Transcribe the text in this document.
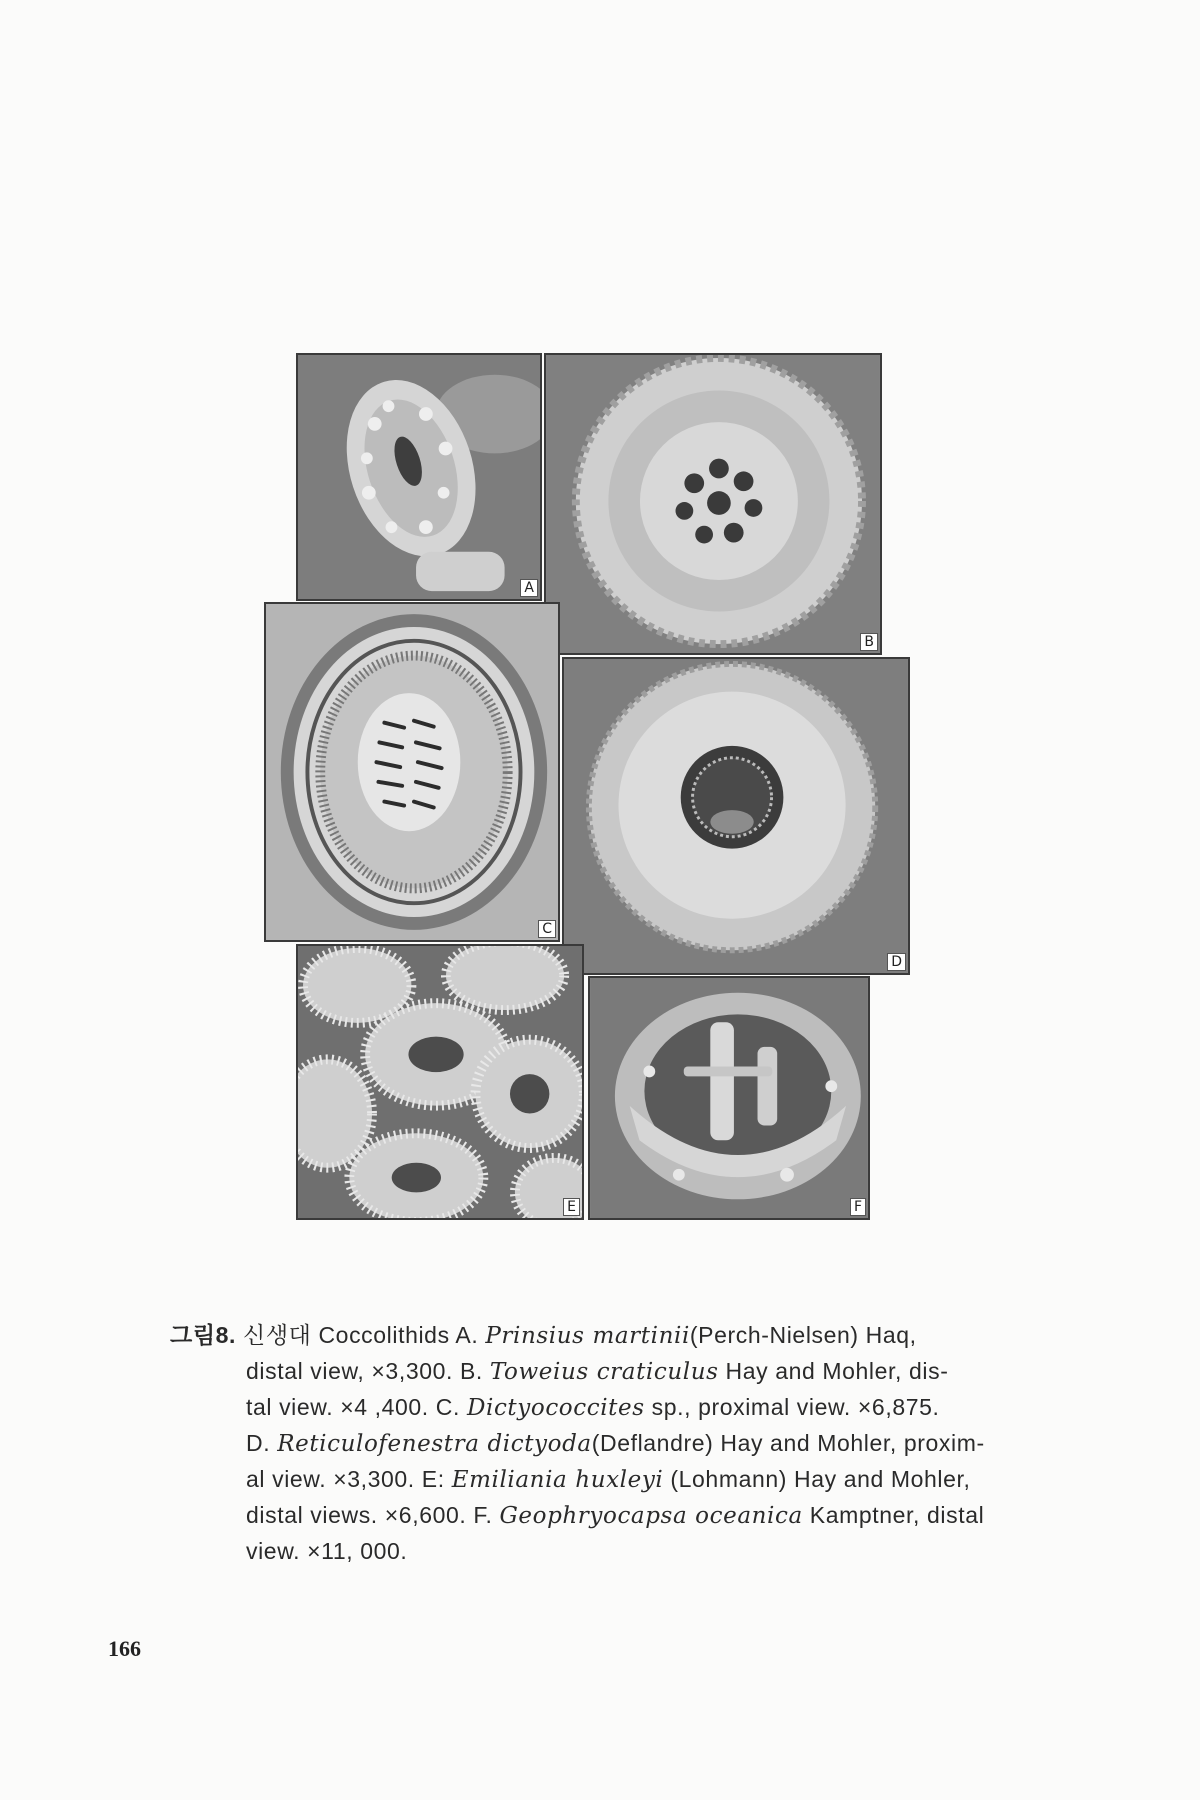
A
B
C
D
E	F
그림8. 신생대 Coccolithids A. Prinsius martinii(Perch-Nielsen) Haq,
distal view, ×3,300. B. Toweius craticulus Hay and Mohler, dis-
tal view. ×4 ,400. C. Dictyococcites sp., proximal view. ×6,875.
D. Reticulofenestra dictyoda(Deflandre) Hay and Mohler, proxim-
al view. ×3,300. E: Emiliania huxleyi (Lohmann) Hay and Mohler,
distal views. ×6,600. F. Geophryocapsa oceanica Kamptner, distal
view. ×11, 000.
166
